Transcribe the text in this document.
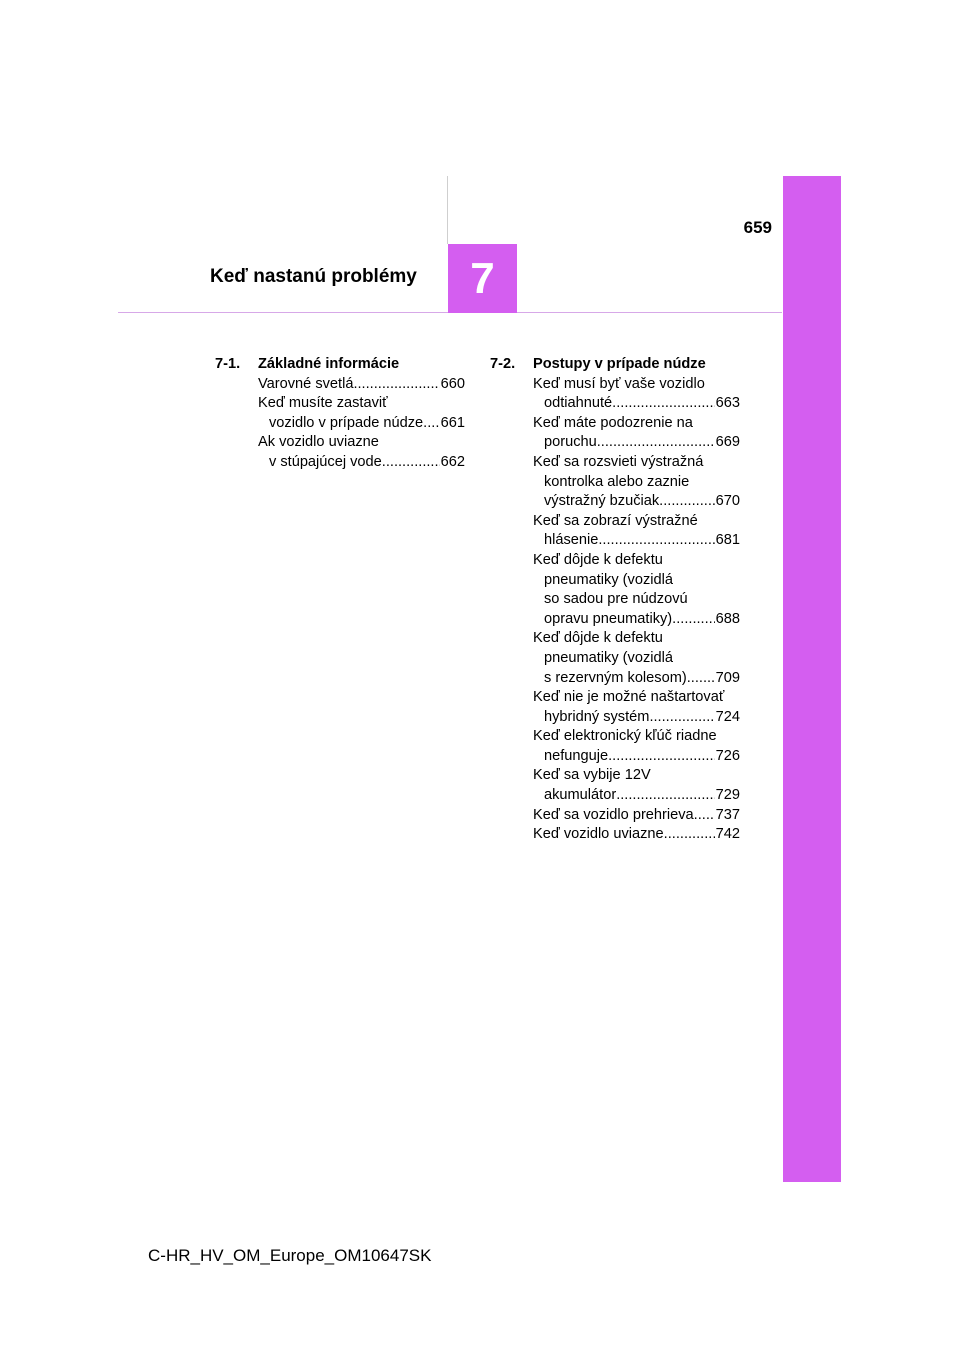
7
659
Keď nastanú problémy
7-1.	Základné informácie
Varovné svetlá .....	660
Keď musíte zastaviť
vozidlo v prípade núdze ..... 661
Ak vozidlo uviazne
v stúpajúcej vode .....	662
7-2.	Postupy v prípade núdze
Keď musí byť vaše vozidlo
odtiahnuté .....	663
Keď máte podozrenie na
poruchu .....	669
Keď sa rozsvieti výstražná
kontrolka alebo zaznie
výstražný bzučiak .....	670
Keď sa zobrazí výstražné
hlásenie .....	681
Keď dôjde k defektu
pneumatiky (vozidlá
so sadou pre núdzovú
opravu pneumatiky) .....	688
Keď dôjde k defektu
pneumatiky (vozidlá
s rezervným kolesom) ..... 709
Keď nie je možné naštartovať
hybridný systém .....	724
Keď elektronický kľúč riadne
nefunguje .....	726
Keď sa vybije 12V
akumulátor .....	729
Keď sa vozidlo prehrieva ..... 737
Keď vozidlo uviazne .....	742
C-HR_HV_OM_Europe_OM10647SK
